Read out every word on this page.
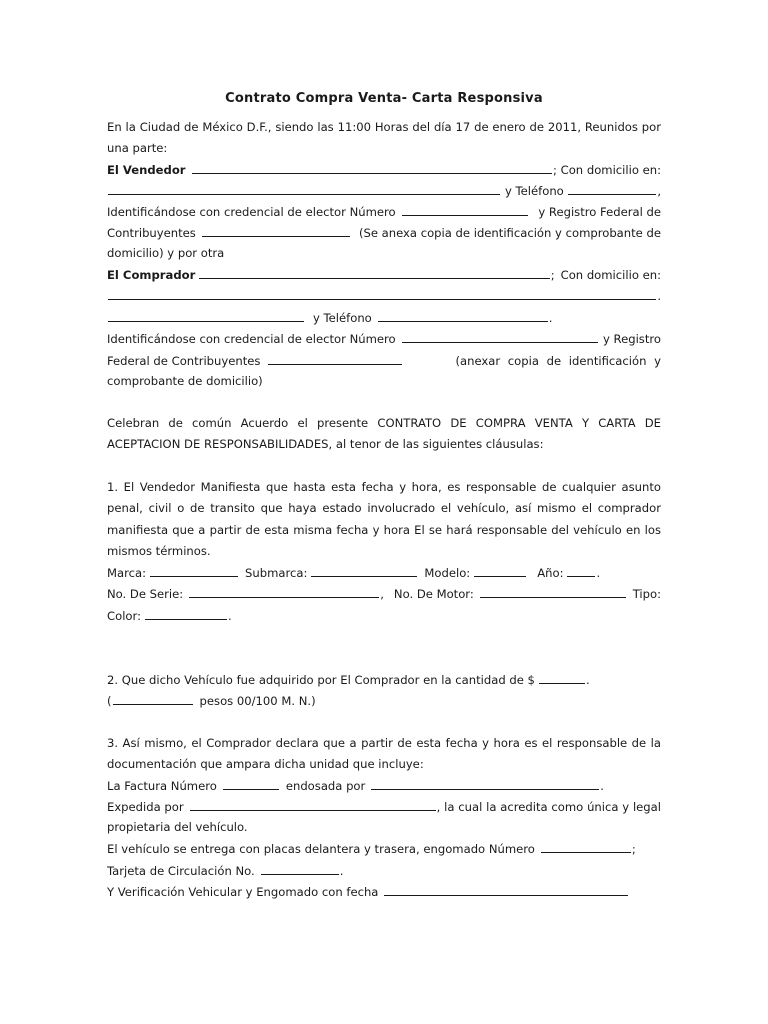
Contrato Compra Venta- Carta Responsiva
En la Ciudad de México D.F., siendo las 11:00 Horas del día 17 de enero de 2011, Reunidos por
una parte:
El Vendedor	; Con domicilio en:
y Teléfono	,
Identificándose con credencial de elector Número	y Registro Federal de
Contribuyentes	(Se anexa copia de identificación y comprobante de
domicilio) y por otra
El Comprador	; Con domicilio en:
.
y Teléfono	.
Identificándose con credencial de elector Número	y Registro
Federal de Contribuyentes	(anexar copia de identificación y
comprobante de domicilio)
Celebran de común Acuerdo el presente CONTRATO DE COMPRA VENTA Y CARTA DE
ACEPTACION DE RESPONSABILIDADES, al tenor de las siguientes cláusulas:
1. El Vendedor Manifiesta que hasta esta fecha y hora, es responsable de cualquier asunto
penal, civil o de transito que haya estado involucrado el vehículo, así mismo el comprador
manifiesta que a partir de esta misma fecha y hora El se hará responsable del vehículo en los
mismos términos.
Marca:	Submarca:	Modelo:	Año:	.
No. De Serie:	, No. De Motor:	Tipo:
Color:	.
2. Que dicho Vehículo fue adquirido por El Comprador en la cantidad de $	.
(	pesos 00/100 M. N.)
3. Así mismo, el Comprador declara que a partir de esta fecha y hora es el responsable de la
documentación que ampara dicha unidad que incluye:
La Factura Número	endosada por	.
Expedida por	, la cual la acredita como única y legal
propietaria del vehículo.
El vehículo se entrega con placas delantera y trasera, engomado Número	;
Tarjeta de Circulación No.	.
Y Verificación Vehicular y Engomado con fecha
